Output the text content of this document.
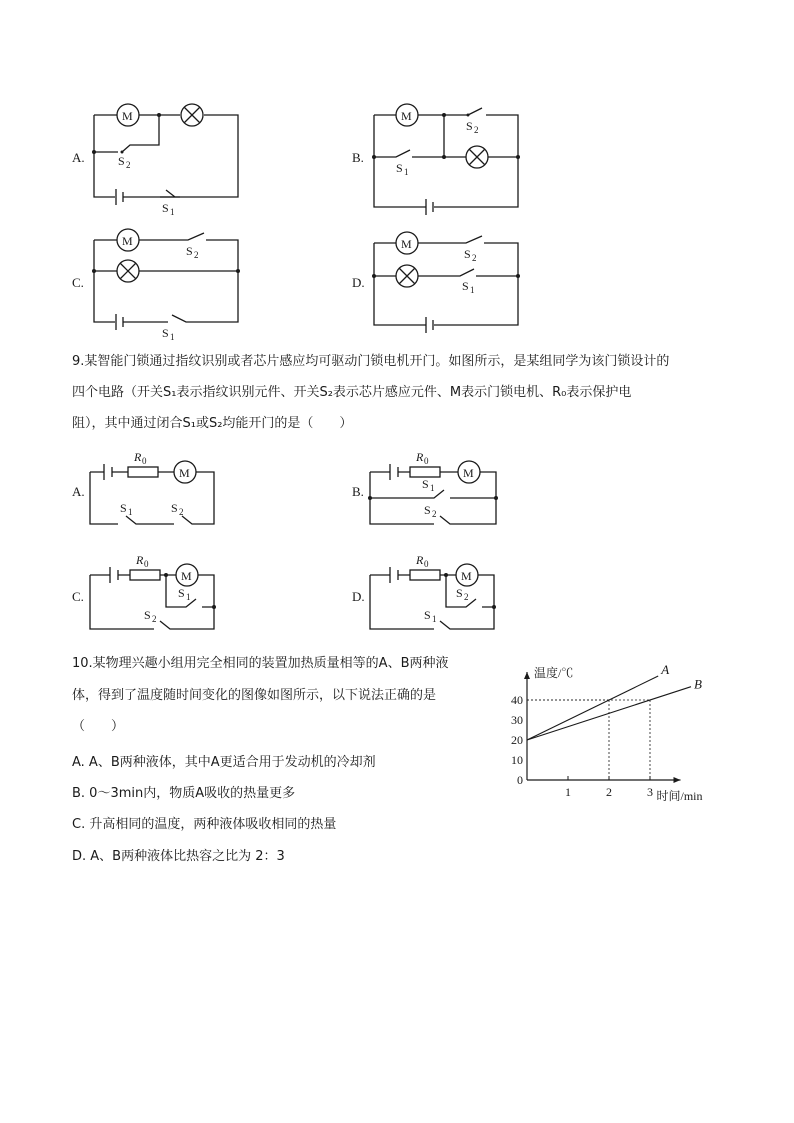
A.
M
S 2
S 1
B.
S 2
M
S 1
C.
M
S 2
S 1
D.
M
S 2
S 1
9.某智能门锁通过指纹识别或者芯片感应均可驱动门锁电机开门。如图所示，是某组同学为该门锁设计的
四个电路（开关S₁表示指纹识别元件、开关S₂表示芯片感应元件、M表示门锁电机、R₀表示保护电
阻），其中通过闭合S₁或S₂均能开门的是（　　）
A.
R 0
M
S 1	S 2
B.
R 0
M
S 1
S 2
C.
R 0
M
S 1
S 2
D.
R 0
M
S 2
S 1
10.某物理兴趣小组用完全相同的装置加热质量相等的A、B两种液
体，得到了温度随时间变化的图像如图所示，以下说法正确的是
（　　）
A. A、B两种液体，其中A更适合用于发动机的冷却剂
B. 0～3min内，物质A吸收的热量更多
C. 升高相同的温度，两种液体吸收相同的热量
D. A、B两种液体比热容之比为 2：3
温度/℃
时间/min
0
10
20
30
40
1	2	3
A
B
